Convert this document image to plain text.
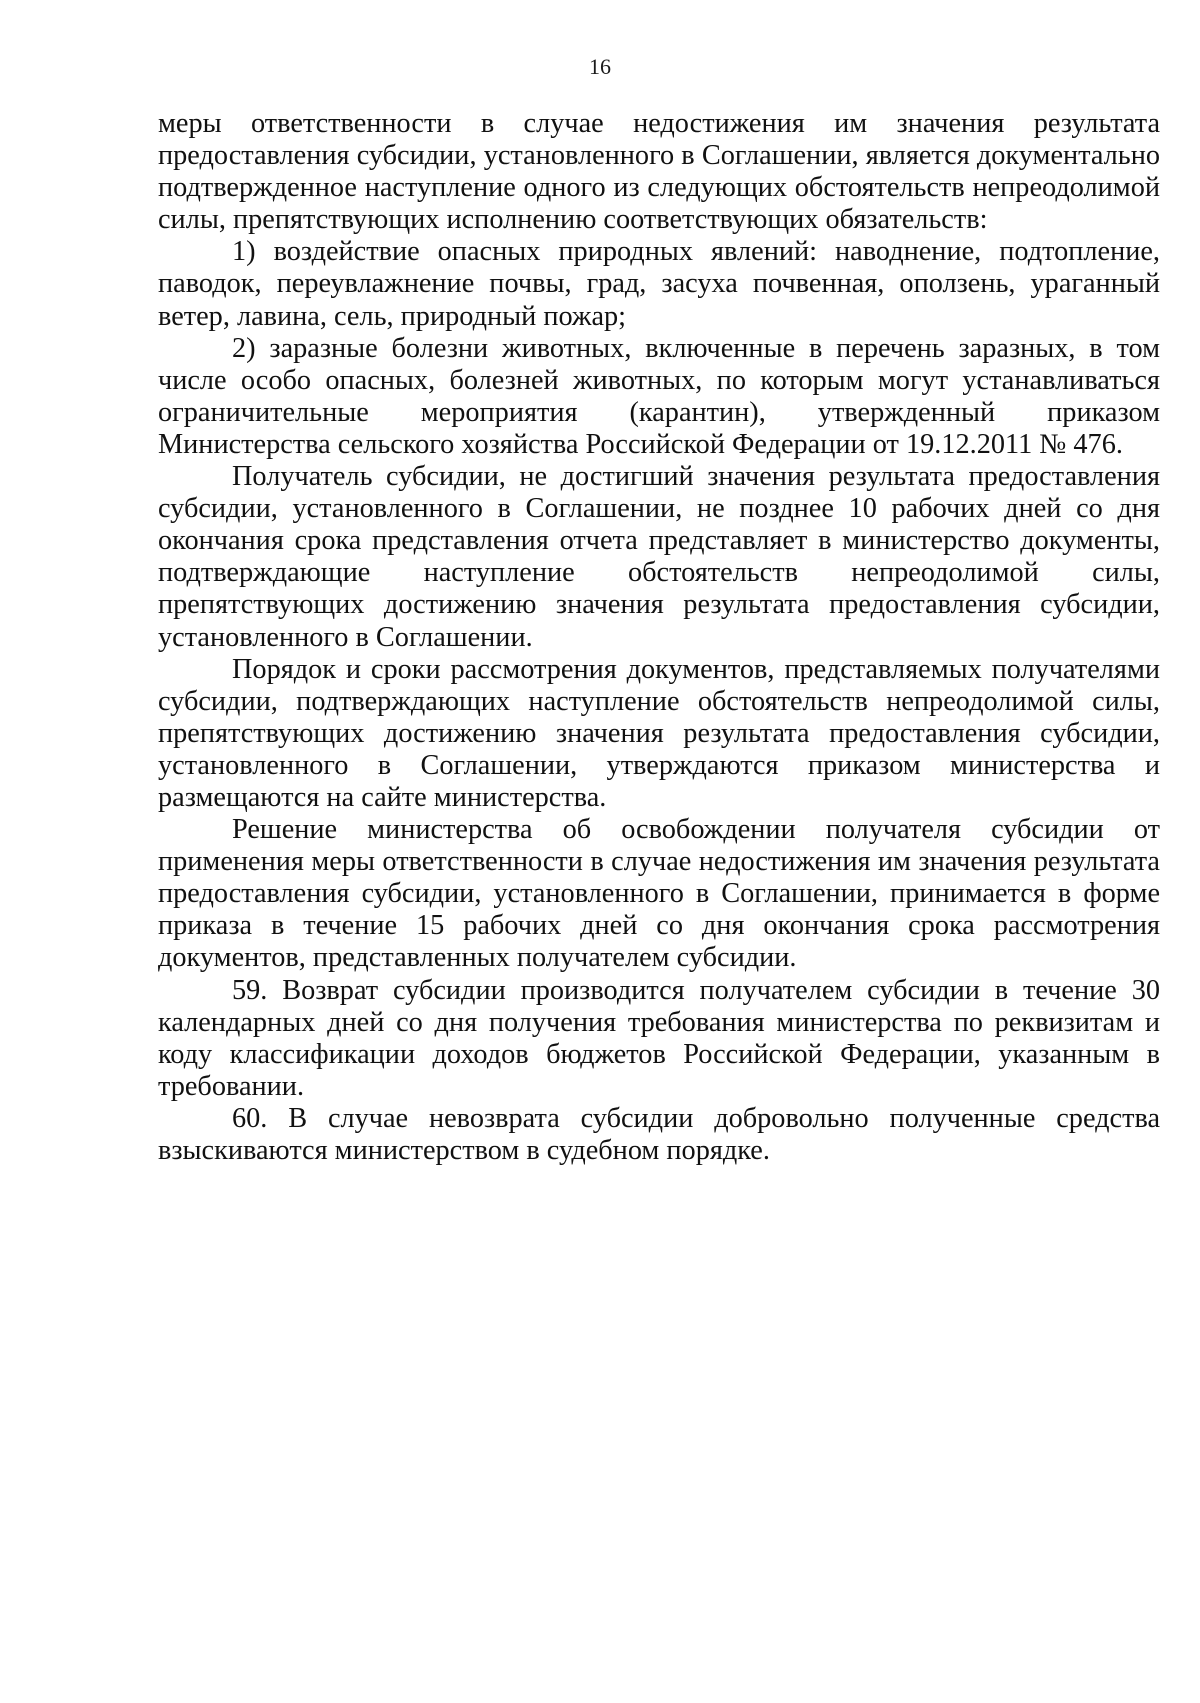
16

меры ответственности в случае недостижения им значения результата предоставления субсидии, установленного в Соглашении, является документально подтвержденное наступление одного из следующих обстоятельств непреодолимой силы, препятствующих исполнению соответствующих обязательств:

1) воздействие опасных природных явлений: наводнение, подтопление, паводок, переувлажнение почвы, град, засуха почвенная, оползень, ураганный ветер, лавина, сель, природный пожар;

2) заразные болезни животных, включенные в перечень заразных, в том числе особо опасных, болезней животных, по которым могут устанавливаться ограничительные мероприятия (карантин), утвержденный приказом Министерства сельского хозяйства Российской Федерации от 19.12.2011 № 476.

Получатель субсидии, не достигший значения результата предоставления субсидии, установленного в Соглашении, не позднее 10 рабочих дней со дня окончания срока представления отчета представляет в министерство документы, подтверждающие наступление обстоятельств непреодолимой силы, препятствующих достижению значения результата предоставления субсидии, установленного в Соглашении.

Порядок и сроки рассмотрения документов, представляемых получателями субсидии, подтверждающих наступление обстоятельств непреодолимой силы, препятствующих достижению значения результата предоставления субсидии, установленного в Соглашении, утверждаются приказом министерства и размещаются на сайте министерства.

Решение министерства об освобождении получателя субсидии от применения меры ответственности в случае недостижения им значения результата предоставления субсидии, установленного в Соглашении, принимается в форме приказа в течение 15 рабочих дней со дня окончания срока рассмотрения документов, представленных получателем субсидии.

59. Возврат субсидии производится получателем субсидии в течение 30 календарных дней со дня получения требования министерства по реквизитам и коду классификации доходов бюджетов Российской Федерации, указанным в требовании.

60. В случае невозврата субсидии добровольно полученные средства взыскиваются министерством в судебном порядке.
